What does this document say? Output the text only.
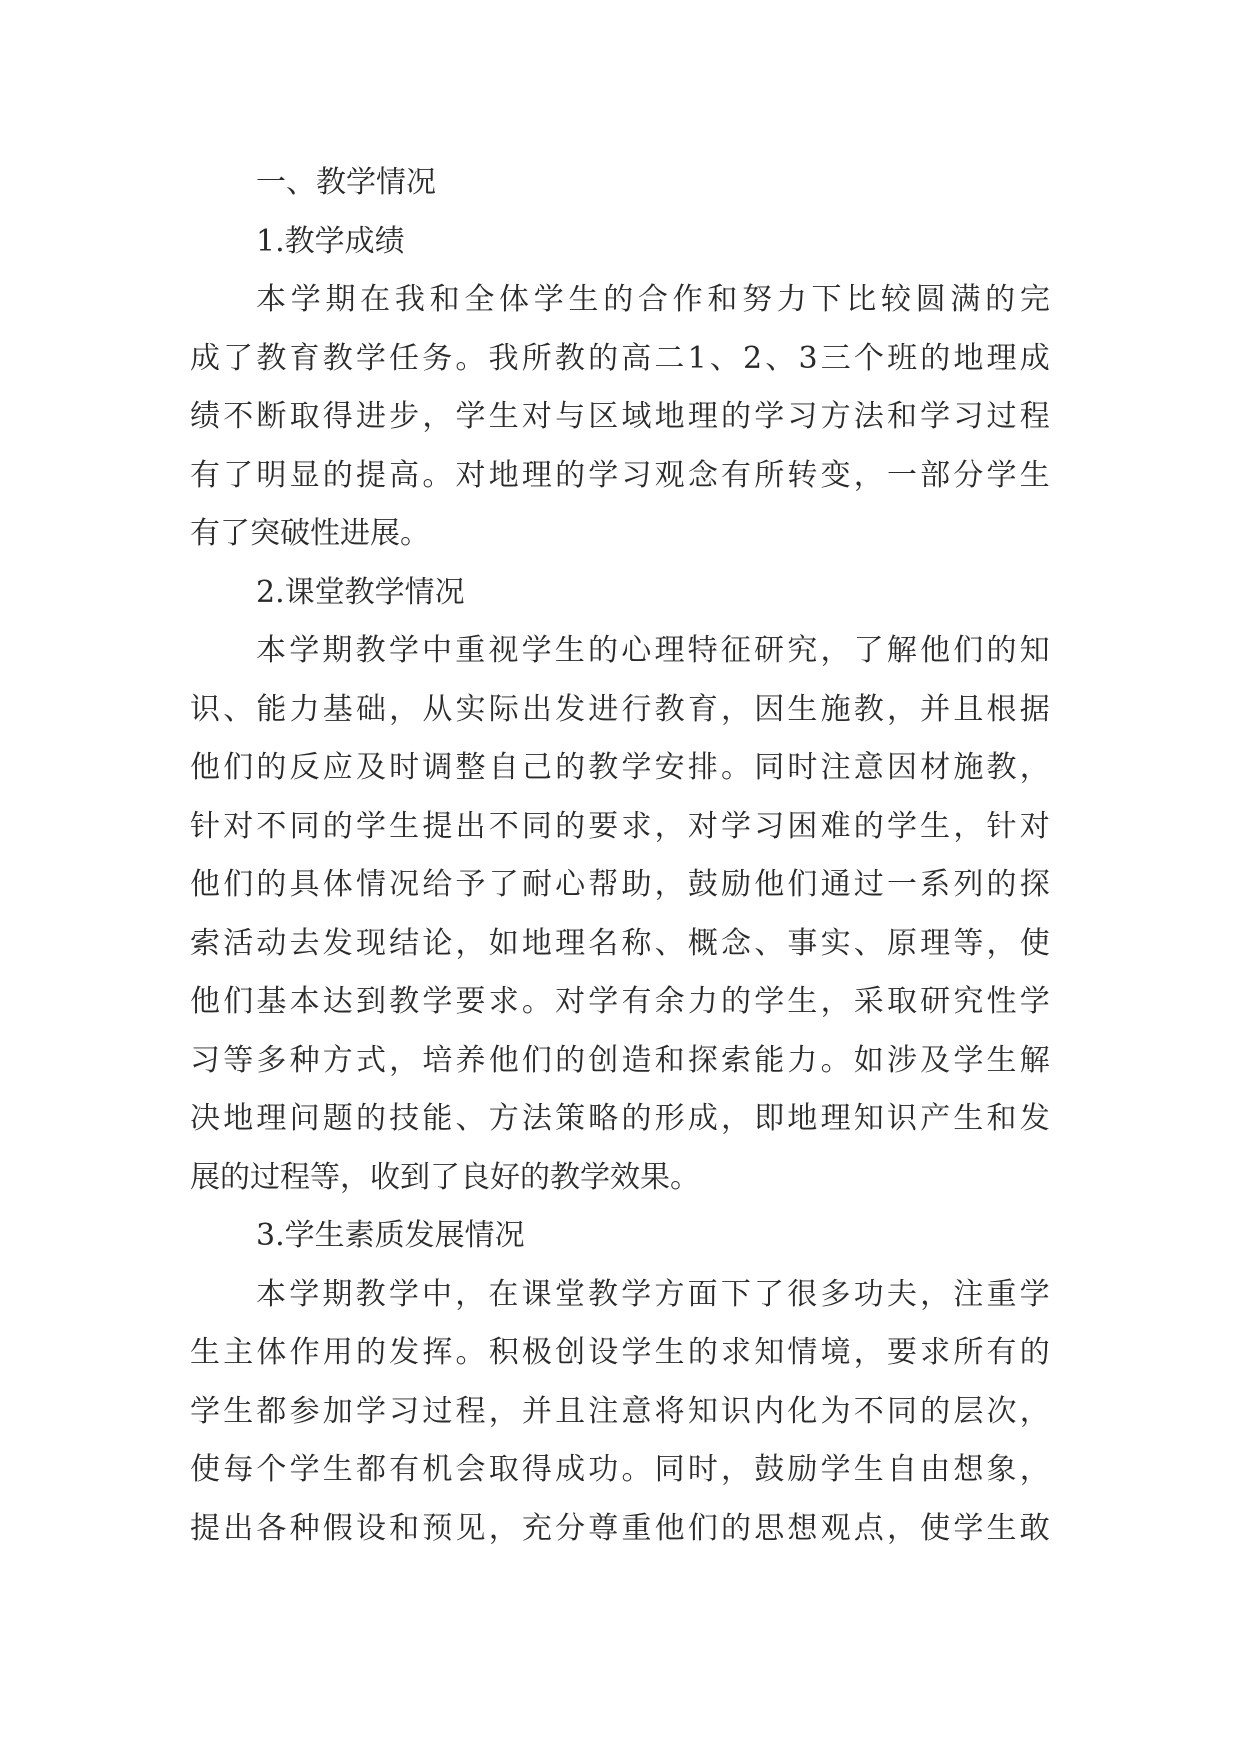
一、教学情况
1.教学成绩
本 学 期 在 我 和 全 体 学 生 的 合 作 和 努 力 下 比 较 圆 满 的 完
成 了 教 育 教 学 任 务 。 我 所 教 的 高 二 1 、 2 、 3 三 个 班 的 地 理 成
绩 不 断 取 得 进 步 ， 学 生 对 与 区 域 地 理 的 学 习 方 法 和 学 习 过 程
有 了 明 显 的 提 高 。 对 地 理 的 学 习 观 念 有 所 转 变 ， 一 部 分 学 生
有了突破性进展。
2.课堂教学情况
本 学 期 教 学 中 重 视 学 生 的 心 理 特 征 研 究 ， 了 解 他 们 的 知
识 、 能 力 基 础 ， 从 实 际 出 发 进 行 教 育 ， 因 生 施 教 ， 并 且 根 据
他 们 的 反 应 及 时 调 整 自 己 的 教 学 安 排 。 同 时 注 意 因 材 施 教 ，
针 对 不 同 的 学 生 提 出 不 同 的 要 求 ， 对 学 习 困 难 的 学 生 ， 针 对
他 们 的 具 体 情 况 给 予 了 耐 心 帮 助 ， 鼓 励 他 们 通 过 一 系 列 的 探
索 活 动 去 发 现 结 论 ， 如 地 理 名 称 、 概 念 、 事 实 、 原 理 等 ， 使
他 们 基 本 达 到 教 学 要 求 。 对 学 有 余 力 的 学 生 ， 采 取 研 究 性 学
习 等 多 种 方 式 ， 培 养 他 们 的 创 造 和 探 索 能 力 。 如 涉 及 学 生 解
决 地 理 问 题 的 技 能 、 方 法 策 略 的 形 成 ， 即 地 理 知 识 产 生 和 发
展的过程等，收到了良好的教学效果。
3.学生素质发展情况
本 学 期 教 学 中 ， 在 课 堂 教 学 方 面 下 了 很 多 功 夫 ， 注 重 学
生 主 体 作 用 的 发 挥 。 积 极 创 设 学 生 的 求 知 情 境 ， 要 求 所 有 的
学 生 都 参 加 学 习 过 程 ， 并 且 注 意 将 知 识 内 化 为 不 同 的 层 次 ，
使 每 个 学 生 都 有 机 会 取 得 成 功 。 同 时 ， 鼓 励 学 生 自 由 想 象 ，
提 出 各 种 假 设 和 预 见 ， 充 分 尊 重 他 们 的 思 想 观 点 ， 使 学 生 敢
